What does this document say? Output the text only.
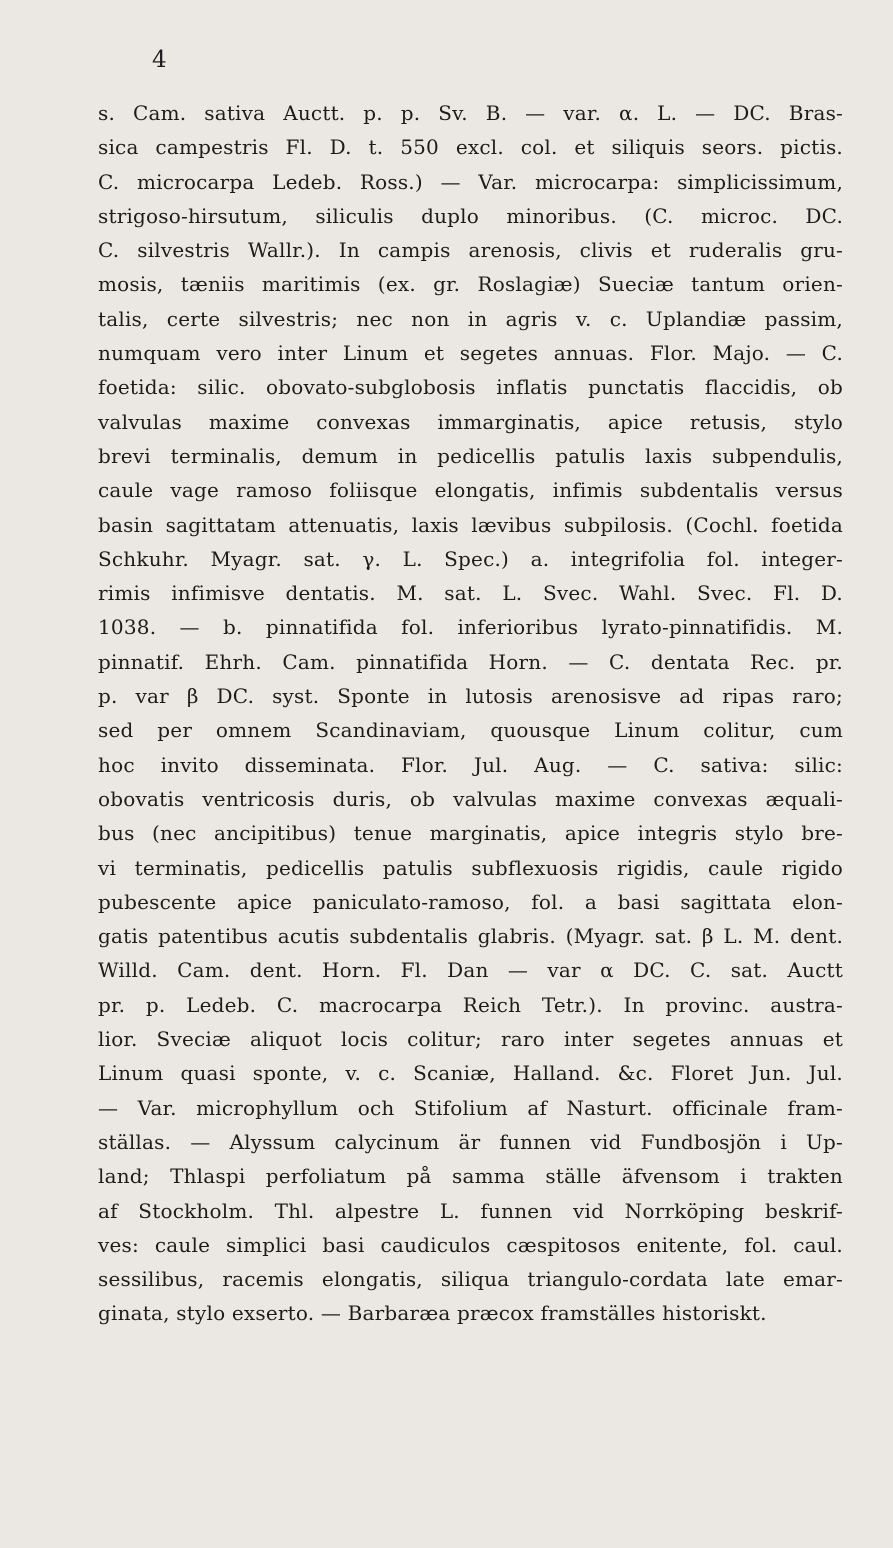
4
s. Cam. sativa Auctt. p. p. Sv. B. — var. α. L. — DC. Bras-
sica campestris Fl. D. t. 550 excl. col. et siliquis seors. pictis.
C. microcarpa Ledeb. Ross.) — Var. microcarpa: simplicissimum,
strigoso-hirsutum, siliculis duplo minoribus. (C. microc. DC.
C. silvestris Wallr.). In campis arenosis, clivis et ruderalis gru-
mosis, tæniis maritimis (ex. gr. Roslagiæ) Sueciæ tantum orien-
talis, certe silvestris; nec non in agris v. c. Uplandiæ passim,
numquam vero inter Linum et segetes annuas. Flor. Majo. — C.
foetida: silic. obovato-subglobosis inflatis punctatis flaccidis, ob
valvulas maxime convexas immarginatis, apice retusis, stylo
brevi terminalis, demum in pedicellis patulis laxis subpendulis,
caule vage ramoso foliisque elongatis, infimis subdentalis versus
basin sagittatam attenuatis, laxis lævibus subpilosis. (Cochl. foetida
Schkuhr. Myagr. sat. γ. L. Spec.) a. integrifolia fol. integer-
rimis infimisve dentatis. M. sat. L. Svec. Wahl. Svec. Fl. D.
1038. — b. pinnatifida fol. inferioribus lyrato-pinnatifidis. M.
pinnatif. Ehrh. Cam. pinnatifida Horn. — C. dentata Rec. pr.
p. var β DC. syst. Sponte in lutosis arenosisve ad ripas raro;
sed per omnem Scandinaviam, quousque Linum colitur, cum
hoc invito disseminata. Flor. Jul. Aug. — C. sativa: silic:
obovatis ventricosis duris, ob valvulas maxime convexas æquali-
bus (nec ancipitibus) tenue marginatis, apice integris stylo bre-
vi terminatis, pedicellis patulis subflexuosis rigidis, caule rigido
pubescente apice paniculato-ramoso, fol. a basi sagittata elon-
gatis patentibus acutis subdentalis glabris. (Myagr. sat. β L. M. dent.
Willd. Cam. dent. Horn. Fl. Dan — var α DC. C. sat. Auctt
pr. p. Ledeb. C. macrocarpa Reich Tetr.). In provinc. austra-
lior. Sveciæ aliquot locis colitur; raro inter segetes annuas et
Linum quasi sponte, v. c. Scaniæ, Halland. &c. Floret Jun. Jul.
— Var. microphyllum och Stifolium af Nasturt. officinale fram-
ställas. — Alyssum calycinum är funnen vid Fundbosjön i Up-
land; Thlaspi perfoliatum på samma ställe äfvensom i trakten
af Stockholm. Thl. alpestre L. funnen vid Norrköping beskrif-
ves: caule simplici basi caudiculos cæspitosos enitente, fol. caul.
sessilibus, racemis elongatis, siliqua triangulo-cordata late emar-
ginata, stylo exserto. — Barbaræa præcox framställes historiskt.
